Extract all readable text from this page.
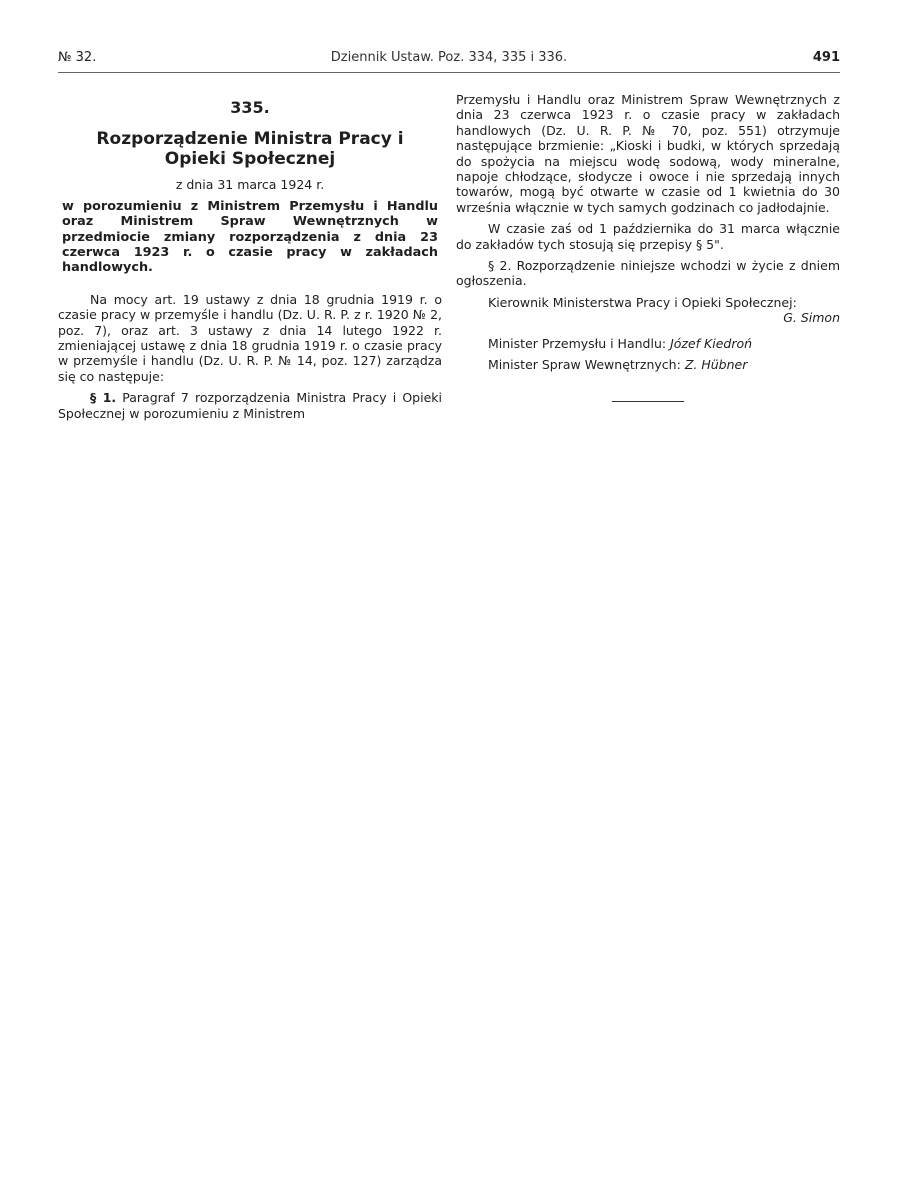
№ 32.	Dziennik Ustaw. Poz. 334, 335 i 336.	491
335.
Rozporządzenie Ministra Pracy i Opieki Społecznej
z dnia 31 marca 1924 r.
w porozumieniu z Ministrem Przemysłu i Handlu oraz Ministrem Spraw Wewnętrznych w przedmiocie zmiany rozporządzenia z dnia 23 czerwca 1923 r. o czasie pracy w zakładach handlowych.

Na mocy art. 19 ustawy z dnia 18 grudnia 1919 r. o czasie pracy w przemyśle i handlu (Dz. U. R. P. z r. 1920 № 2, poz. 7), oraz art. 3 ustawy z dnia 14 lutego 1922 r. zmieniającej ustawę z dnia 18 grudnia 1919 r. o czasie pracy w przemyśle i handlu (Dz. U. R. P. № 14, poz. 127) zarządza się co następuje:

§ 1. Paragraf 7 rozporządzenia Ministra Pracy i Opieki Społecznej w porozumieniu z Ministrem

Przemysłu i Handlu oraz Ministrem Spraw Wewnętrznych z dnia 23 czerwca 1923 r. o czasie pracy w zakładach handlowych (Dz. U. R. P. № 70, poz. 551) otrzymuje następujące brzmienie: „Kioski i budki, w których sprzedają do spożycia na miejscu wodę sodową, wody mineralne, napoje chłodzące, słodycze i owoce i nie sprzedają innych towarów, mogą być otwarte w czasie od 1 kwietnia do 30 września włącznie w tych samych godzinach co jadłodajnie.

W czasie zaś od 1 października do 31 marca włącznie do zakładów tych stosują się przepisy § 5".

§ 2. Rozporządzenie niniejsze wchodzi w życie z dniem ogłoszenia.

Kierownik Ministerstwa Pracy i Opieki Społecznej:

G. Simon

Minister Przemysłu i Handlu: Józef Kiedroń

Minister Spraw Wewnętrznych: Z. Hübner
